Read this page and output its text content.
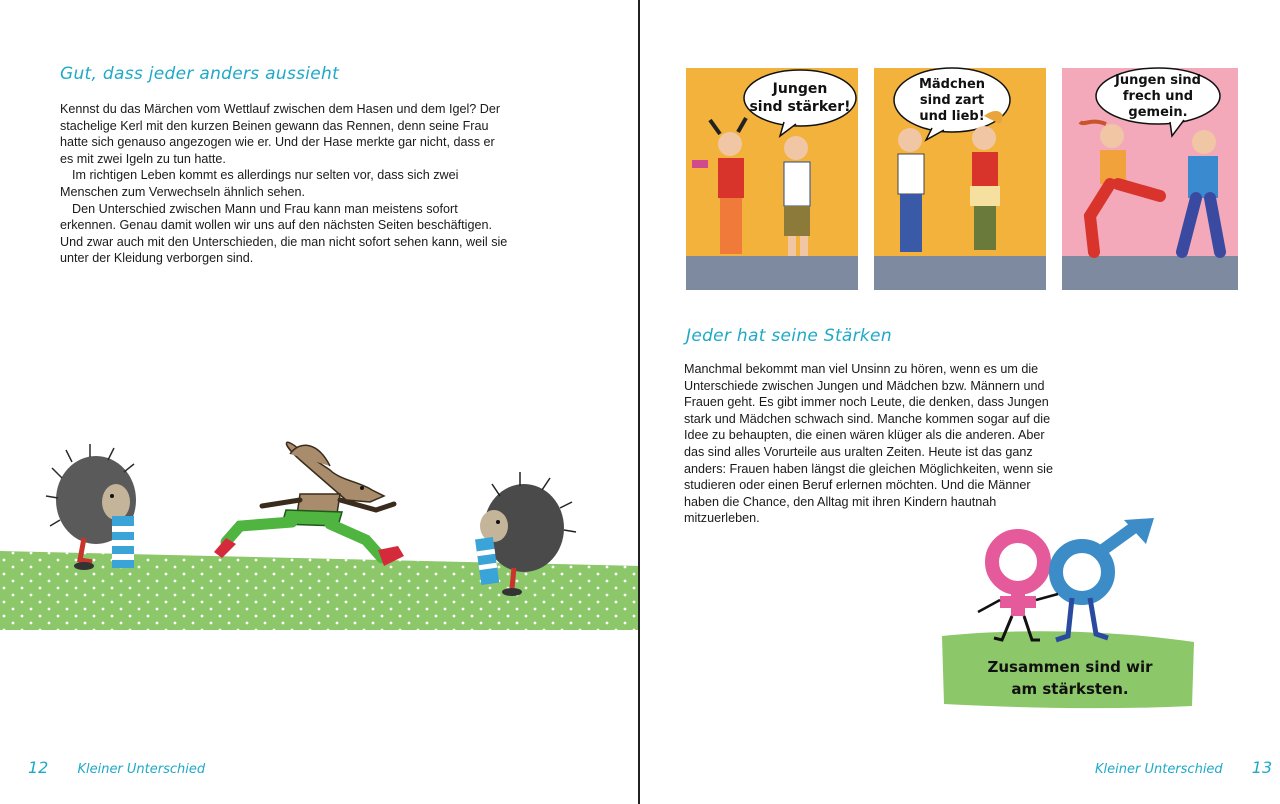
Gut, dass jeder anders aussieht

Kennst du das Märchen vom Wettlauf zwischen dem Hasen und dem Igel? Der stachelige Kerl mit den kurzen Beinen gewann das Rennen, denn seine Frau hatte sich genauso angezogen wie er. Und der Hase merkte gar nicht, dass er es mit zwei Igeln zu tun hatte.

Im richtigen Leben kommt es allerdings nur selten vor, dass sich zwei Menschen zum Verwechseln ähnlich sehen.

Den Unterschied zwischen Mann und Frau kann man meistens sofort erkennen. Genau damit wollen wir uns auf den nächsten Seiten beschäftigen. Und zwar auch mit den Unterschieden, die man nicht sofort sehen kann, weil sie unter der Kleidung verborgen sind.

12 Kleiner Unterschied
Jungen
sind stärker!
Mädchen
sind zart
und lieb!
Jungen sind
frech und
gemein.
Jeder hat seine Stärken

Manchmal bekommt man viel Unsinn zu hören, wenn es um die Unterschiede zwischen Jungen und Mädchen bzw. Männern und Frauen geht. Es gibt immer noch Leute, die denken, dass Jungen stark und Mädchen schwach sind. Manche kommen sogar auf die Idee zu behaupten, die einen wären klüger als die anderen. Aber das sind alles Vorurteile aus uralten Zeiten. Heute ist das ganz anders: Frauen haben längst die gleichen Möglichkeiten, wenn sie studieren oder einen Beruf erlernen möchten. Und die Männer haben die Chance, den Alltag mit ihren Kindern hautnah mitzuerleben.

Zusammen sind wir
am stärksten.
Kleiner Unterschied 13
